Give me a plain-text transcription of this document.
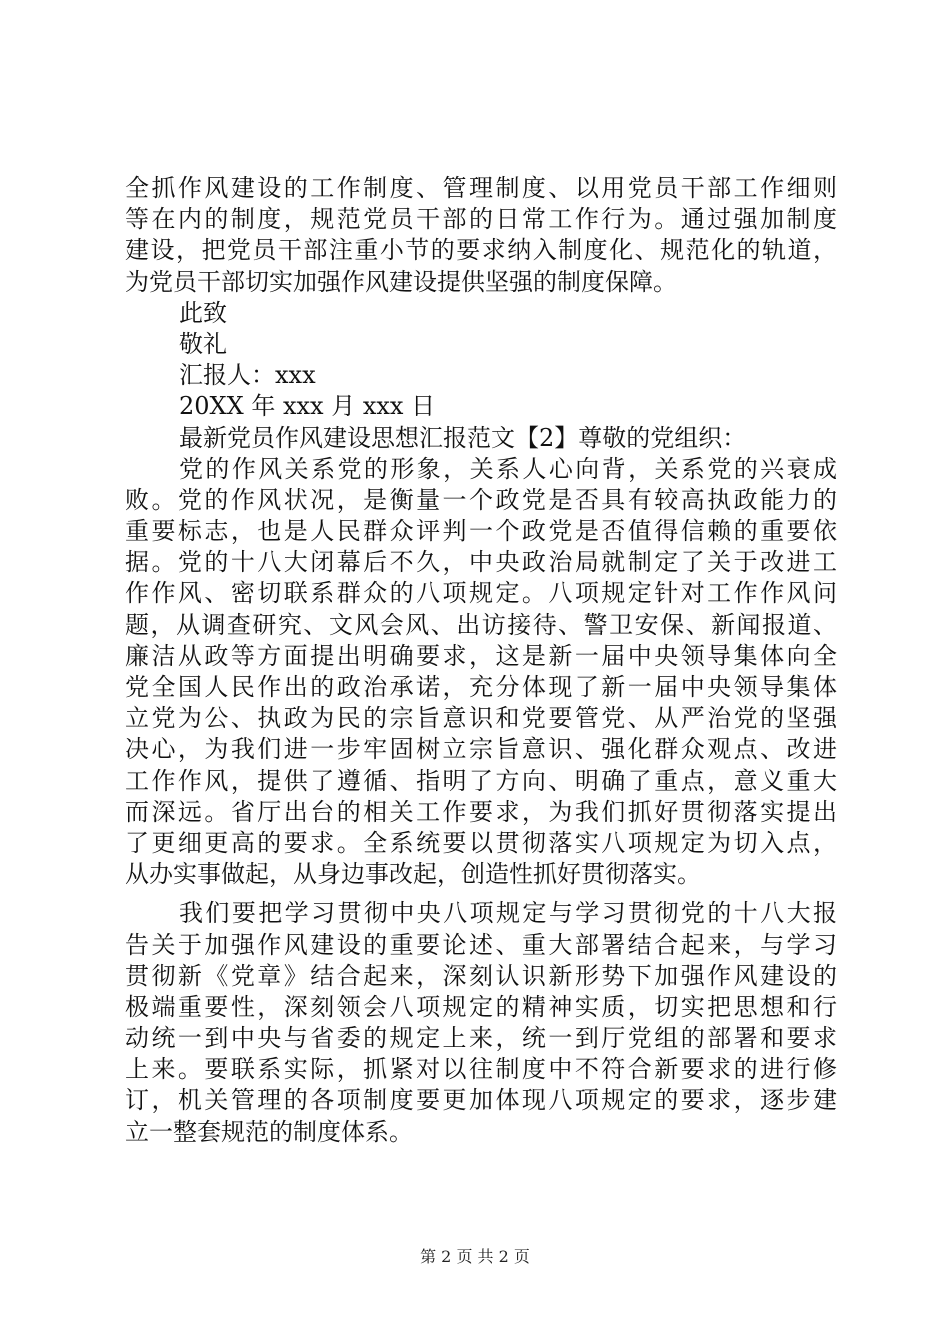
全抓作风建设的工作制度、管理制度、以用党员干部工作细则
等在内的制度，规范党员干部的日常工作行为。通过强加制度
建设，把党员干部注重小节的要求纳入制度化、规范化的轨道，
为党员干部切实加强作风建设提供坚强的制度保障。
此致
敬礼
汇报人：xxx
20XX 年 xxx 月 xxx 日
最新党员作风建设思想汇报范文【2】尊敬的党组织：
党的作风关系党的形象，关系人心向背，关系党的兴衰成
败。党的作风状况，是衡量一个政党是否具有较高执政能力的
重要标志，也是人民群众评判一个政党是否值得信赖的重要依
据。党的十八大闭幕后不久，中央政治局就制定了关于改进工
作作风、密切联系群众的八项规定。八项规定针对工作作风问
题，从调查研究、文风会风、出访接待、警卫安保、新闻报道、
廉洁从政等方面提出明确要求，这是新一届中央领导集体向全
党全国人民作出的政治承诺，充分体现了新一届中央领导集体
立党为公、执政为民的宗旨意识和党要管党、从严治党的坚强
决心，为我们进一步牢固树立宗旨意识、强化群众观点、改进
工作作风，提供了遵循、指明了方向、明确了重点，意义重大
而深远。省厅出台的相关工作要求，为我们抓好贯彻落实提出
了更细更高的要求。全系统要以贯彻落实八项规定为切入点，
从办实事做起，从身边事改起，创造性抓好贯彻落实。
我们要把学习贯彻中央八项规定与学习贯彻党的十八大报
告关于加强作风建设的重要论述、重大部署结合起来，与学习
贯彻新《党章》结合起来，深刻认识新形势下加强作风建设的
极端重要性，深刻领会八项规定的精神实质，切实把思想和行
动统一到中央与省委的规定上来，统一到厅党组的部署和要求
上来。要联系实际，抓紧对以往制度中不符合新要求的进行修
订，机关管理的各项制度要更加体现八项规定的要求，逐步建
立一整套规范的制度体系。
第 2 页 共 2 页
